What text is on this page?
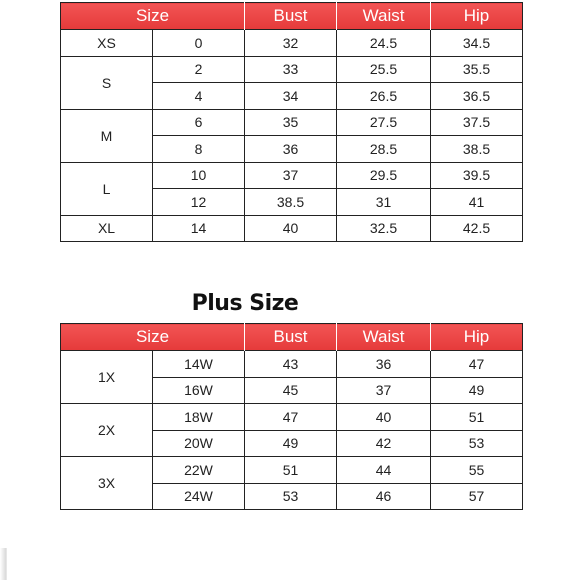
Size		Bust	Waist	Hip
XS	0	32	24.5	34.5
S	2	33	25.5	35.5
	4	34	26.5	36.5
M	6	35	27.5	37.5
	8	36	28.5	38.5
L	10	37	29.5	39.5
	12	38.5	31	41
XL	14	40	32.5	42.5
Plus Size
Size		Bust	Waist	Hip
1X	14W	43	36	47
	16W	45	37	49
2X	18W	47	40	51
	20W	49	42	53
3X	22W	51	44	55
	24W	53	46	57
